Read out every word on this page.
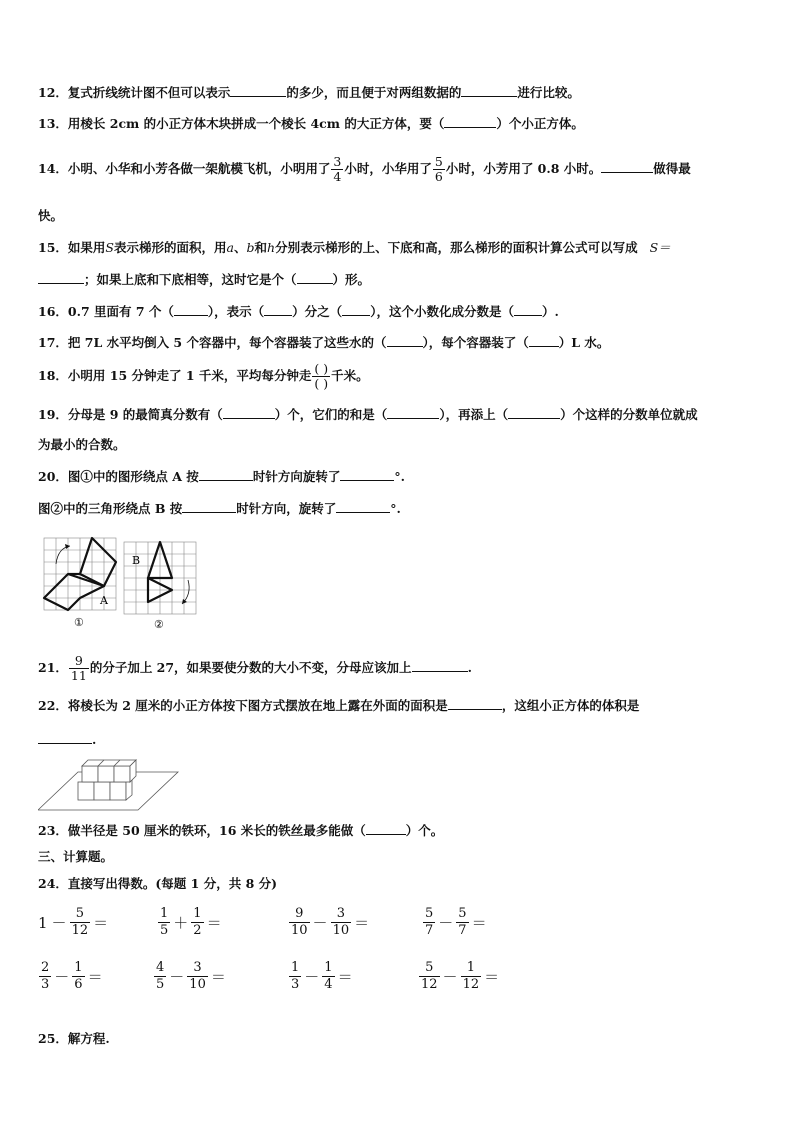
12．复式折线统计图不但可以表示	的多少，而且便于对两组数据的	进行比较。
13．用棱长 2cm 的小正方体木块拼成一个棱长 4cm 的大正方体，要（	）个小正方体。
14．小明、小华和小芳各做一架航模飞机，小明用了 $\frac{3}{4}$ 小时，小华用了 $\frac{5}{6}$ 小时，小芳用了 0.8 小时。	做得最
快。
15．如果用S表示梯形的面积，用a、b和h分别表示梯形的上、下底和高，那么梯形的面积计算公式可以写成 S＝
；如果上底和下底相等，这时它是个（	）形。
16．0.7 里面有 7 个（	），表示（ ）分之（ ），这个小数化成分数是（ ）.
17．把 7L 水平均倒入 5 个容器中，每个容器装了这些水的（	），每个容器装了（ ）L 水。
18．小明用 15 分钟走了 1 千米，平均每分钟走 $\frac{( )}{( )}$ 千米。
19．分母是 9 的最简真分数有（	）个，它们的和是（	），再添上（	）个这样的分数单位就成
为最小的合数。
20．图①中的图形绕点 A 按	时针方向旋转了	°.
图②中的三角形绕点 B 按	时针方向，旋转了	°.
A
①
B
②
21． $\frac{9}{11}$ 的分子加上 27，如果要使分数的大小不变，分母应该加上	.
22．将棱长为 2 厘米的小正方体按下图方式摆放在地上露在外面的面积是	，这组小正方体的体积是
.
23．做半径是 50 厘米的铁环，16 米长的铁丝最多能做（	）个。
三、计算题。
24．直接写出得数。(每题 1 分，共 8 分)
$1 - \frac{5}{12}$ ＝	$\frac{1}{5} + \frac{1}{2}$ ＝	$\frac{9}{10} - \frac{3}{10}$ ＝	$\frac{5}{7} - \frac{5}{7}$ ＝
$\frac{2}{3} - \frac{1}{6}$ ＝	$\frac{4}{5} - \frac{3}{10}$ ＝	$\frac{1}{3} - \frac{1}{4}$ ＝	$\frac{5}{12} - \frac{1}{12}$ ＝
25．解方程.
